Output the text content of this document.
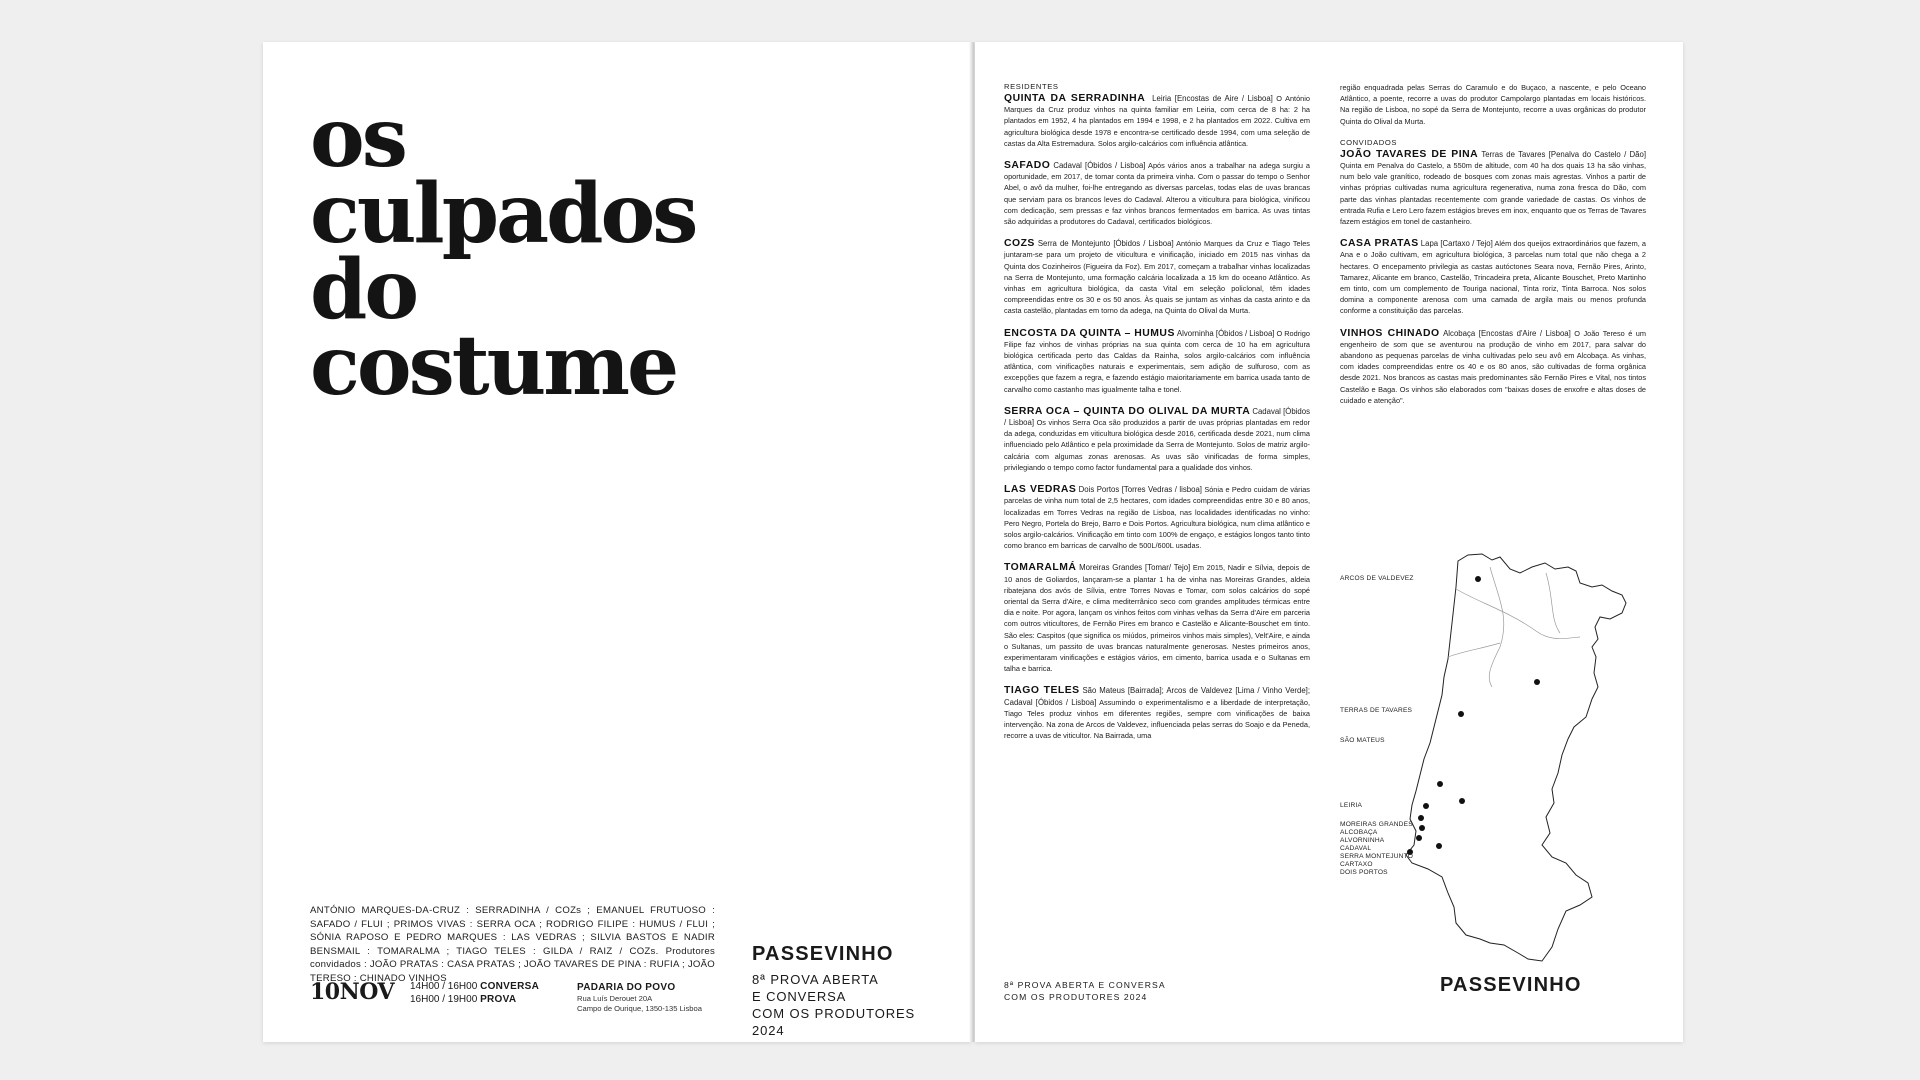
os
culpados
do
costume
ANTÓNIO MARQUES-DA-CRUZ : SERRADINHA / COZs ; EMANUEL FRUTUOSO : SAFADO / FLUI ; PRIMOS VIVAS : SERRA OCA ; RODRIGO FILIPE : HUMUS / FLUI ; SÓNIA RAPOSO E PEDRO MARQUES : LAS VEDRAS ; SILVIA BASTOS E NADIR BENSMAIL : TOMARALMA ; TIAGO TELES : GILDA / RAIZ / COZs. Produtores convidados : JOÃO PRATAS : CASA PRATAS ; JOÃO TAVARES DE PINA : RUFIA ; JOÃO TERESO : CHINADO VINHOS
10NOV 14H00 / 16H00 CONVERSA
16H00 / 19H00 PROVA
PADARIA DO POVO
Rua Luís Derouet 20A
Campo de Ourique, 1350-135 Lisboa
PASSEVINHO
8ª PROVA ABERTA
E CONVERSA
COM OS PRODUTORES
2024
RESIDENTES

QUINTA DA SERRADINHA Leiria [Encostas de Aire / Lisboa] O António Marques da Cruz produz vinhos na quinta familiar em Leiria, com cerca de 8 ha: 2 ha plantados em 1952, 4 ha plantados em 1994 e 1998, e 2 ha plantados em 2022. Cultiva em agricultura biológica desde 1978 e encontra-se certificado desde 1994, com uma seleção de castas da Alta Estremadura. Solos argilo-calcários com influência atlântica.

SAFADO Cadaval [Óbidos / Lisboa] Após vários anos a trabalhar na adega surgiu a oportunidade, em 2017, de tomar conta da primeira vinha. Com o passar do tempo o Senhor Abel, o avô da mulher, foi-lhe entregando as diversas parcelas, todas elas de uvas brancas que serviam para os brancos leves do Cadaval. Alterou a viticultura para biológica, vinificou com dedicação, sem pressas e faz vinhos brancos fermentados em barrica. As uvas tintas são adquiridas a produtores do Cadaval, certificados biológicos.

COZS Serra de Montejunto [Óbidos / Lisboa] António Marques da Cruz e Tiago Teles juntaram-se para um projeto de viticultura e vinificação, iniciado em 2015 nas vinhas da Quinta dos Cozinheiros (Figueira da Foz). Em 2017, começam a trabalhar vinhas localizadas na Serra de Montejunto, uma formação calcária localizada a 15 km do oceano Atlântico. As vinhas em agricultura biológica, da casta Vital em seleção policlonal, têm idades compreendidas entre os 30 e os 50 anos. Às quais se juntam as vinhas da casta arinto e da casta castelão, plantadas em torno da adega, na Quinta do Olival da Murta.

ENCOSTA DA QUINTA – HUMUS Alvorninha [Óbidos / Lisboa] O Rodrigo Filipe faz vinhos de vinhas próprias na sua quinta com cerca de 10 ha em agricultura biológica certificada perto das Caldas da Rainha, solos argilo-calcários com influência atlântica, com vinificações naturais e experimentais, sem adição de sulfuroso, com as excepções que fazem a regra, e fazendo estágio maioritariamente em barrica usada tanto de carvalho como castanho mas igualmente talha e tonel.

SERRA OCA – QUINTA DO OLIVAL DA MURTA Cadaval [Óbidos / Lisboa] Os vinhos Serra Oca são produzidos a partir de uvas próprias plantadas em redor da adega, conduzidas em viticultura biológica desde 2016, certificada desde 2021, num clima influenciado pelo Atlântico e pela proximidade da Serra de Montejunto. Solos de matriz argilo-calcária com algumas zonas arenosas. As uvas são vinificadas de forma simples, privilegiando o tempo como factor fundamental para a qualidade dos vinhos.

LAS VEDRAS Dois Portos [Torres Vedras / lisboa] Sónia e Pedro cuidam de várias parcelas de vinha num total de 2,5 hectares, com idades compreendidas entre 30 e 80 anos, localizadas em Torres Vedras na região de Lisboa, nas localidades identificadas no vinho: Pero Negro, Portela do Brejo, Barro e Dois Portos. Agricultura biológica, num clima atlântico e solos argilo-calcários. Vinificação em tinto com 100% de engaço, e estágios longos tanto tinto como branco em barricas de carvalho de 500L/600L usadas.

TOMARALMÁ Moreiras Grandes [Tomar/ Tejo] Em 2015, Nadir e Sílvia, depois de 10 anos de Goliardos, lançaram-se a plantar 1 ha de vinha nas Moreiras Grandes, aldeia ribatejana dos avós de Sílvia, entre Torres Novas e Tomar, com solos calcários do sopé oriental da Serra d'Aire, e clima mediterrânico seco com grandes amplitudes térmicas entre dia e noite. Por agora, lançam os vinhos feitos com vinhas velhas da Serra d'Aire em parceria com outros viticultores, de Fernão Pires em branco e Castelão e Alicante-Bouschet em tinto. São eles: Caspitos (que significa os miúdos, primeiros vinhos mais simples), Velt'Aire, e ainda o Sultanas, um passito de uvas brancas naturalmente generosas. Nestes primeiros anos, experimentaram vinificações e estágios vários, em cimento, barrica usada e o Sultanas em talha e barrica.

TIAGO TELES São Mateus [Bairrada]; Arcos de Valdevez [Lima / Vinho Verde]; Cadaval [Óbidos / Lisboa] Assumindo o experimentalismo e a liberdade de interpretação, Tiago Teles produz vinhos em diferentes regiões, sempre com vinificações de baixa intervenção. Na zona de Arcos de Valdevez, influenciada pelas serras do Soajo e da Peneda, recorre a uvas de viticultor. Na Bairrada, uma

região enquadrada pelas Serras do Caramulo e do Buçaco, a nascente, e pelo Oceano Atlântico, a poente, recorre a uvas do produtor Campolargo plantadas em locais históricos. Na região de Lisboa, no sopé da Serra de Montejunto, recorre a uvas orgânicas do produtor Quinta do Olival da Murta.

CONVIDADOS

JOÃO TAVARES DE PINA Terras de Tavares [Penalva do Castelo / Dão] Quinta em Penalva do Castelo, a 550m de altitude, com 40 ha dos quais 13 ha são vinhas, num belo vale granítico, rodeado de bosques com zonas mais agrestas. Vinhos a partir de vinhas próprias cultivadas numa agricultura regenerativa, numa zona fresca do Dão, com parte das vinhas plantadas recentemente com grande variedade de castas. Os vinhos de entrada Rufia e Lero Lero fazem estágios breves em inox, enquanto que os Terras de Tavares fazem estágios em tonel de castanheiro.

CASA PRATAS Lapa [Cartaxo / Tejo] Além dos queijos extraordinários que fazem, a Ana e o João cultivam, em agricultura biológica, 3 parcelas num total que não chega a 2 hectares. O encepamento privilegia as castas autóctones Seara nova, Fernão Pires, Arinto, Tamarez, Alicante em branco, Castelão, Trincadeira preta, Alicante Bouschet, Preto Martinho em tinto, com um complemento de Touriga nacional, Tinta roriz, Tinta Barroca. Nos solos domina a componente arenosa com uma camada de argila mais ou menos profunda conforme a constituição das parcelas.

VINHOS CHINADO Alcobaça [Encostas d'Aire / Lisboa] O João Tereso é um engenheiro de som que se aventurou na produção de vinho em 2017, para salvar do abandono as pequenas parcelas de vinha cultivadas pelo seu avô em Alcobaça. As vinhas, com idades compreendidas entre os 40 e os 80 anos, são cultivadas de forma orgânica desde 2021. Nos brancos as castas mais predominantes são Fernão Pires e Vital, nos tintos Castelão e Baga. Os vinhos são elaborados com "baixas doses de enxofre e altas doses de cuidado e atenção".

ARCOS DE VALDEVEZ
TERRAS DE TAVARES
SÃO MATEUS
LEIRIA
MOREIRAS GRANDES
ALCOBAÇA
ALVORNINHA
CADAVAL
SERRA MONTEJUNTO
CARTAXO
DOIS PORTOS
8ª PROVA ABERTA E CONVERSA
COM OS PRODUTORES 2024
PASSEVINHO
